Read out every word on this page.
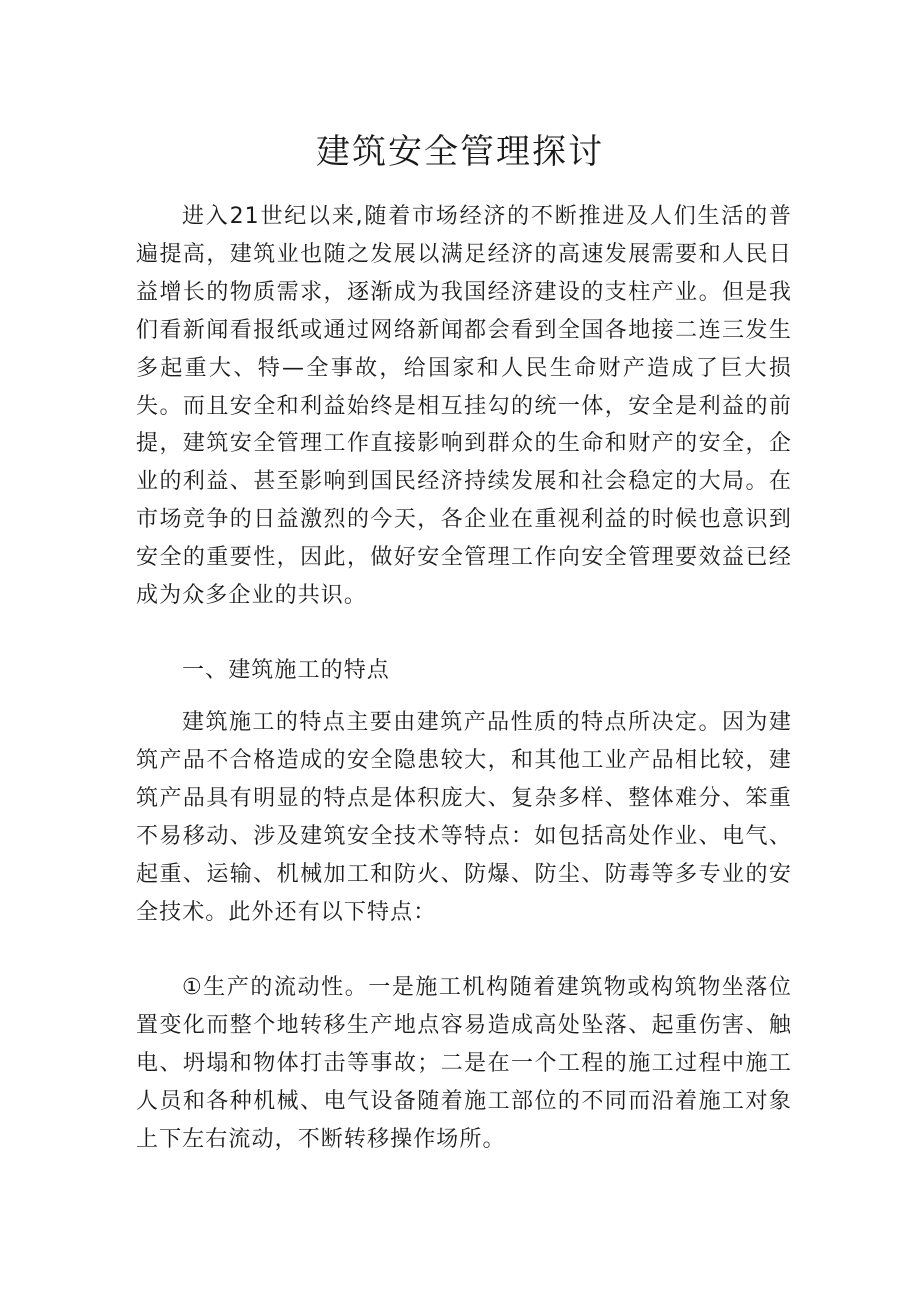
建筑安全管理探讨

进入21世纪以来,随着市场经济的不断推进及人们生活的普遍提高，建筑业也随之发展以满足经济的高速发展需要和人民日益增长的物质需求，逐渐成为我国经济建设的支柱产业。但是我们看新闻看报纸或通过网络新闻都会看到全国各地接二连三发生多起重大、特—全事故，给国家和人民生命财产造成了巨大损失。而且安全和利益始终是相互挂勾的统一体，安全是利益的前提，建筑安全管理工作直接影响到群众的生命和财产的安全，企业的利益、甚至影响到国民经济持续发展和社会稳定的大局。在市场竞争的日益激烈的今天，各企业在重视利益的时候也意识到安全的重要性，因此，做好安全管理工作向安全管理要效益已经成为众多企业的共识。

一、建筑施工的特点

建筑施工的特点主要由建筑产品性质的特点所决定。因为建筑产品不合格造成的安全隐患较大，和其他工业产品相比较，建筑产品具有明显的特点是体积庞大、复杂多样、整体难分、笨重不易移动、涉及建筑安全技术等特点：如包括高处作业、电气、起重、运输、机械加工和防火、防爆、防尘、防毒等多专业的安全技术。此外还有以下特点：

①生产的流动性。一是施工机构随着建筑物或构筑物坐落位置变化而整个地转移生产地点容易造成高处坠落、起重伤害、触电、坍塌和物体打击等事故；二是在一个工程的施工过程中施工人员和各种机械、电气设备随着施工部位的不同而沿着施工对象上下左右流动，不断转移操作场所。
